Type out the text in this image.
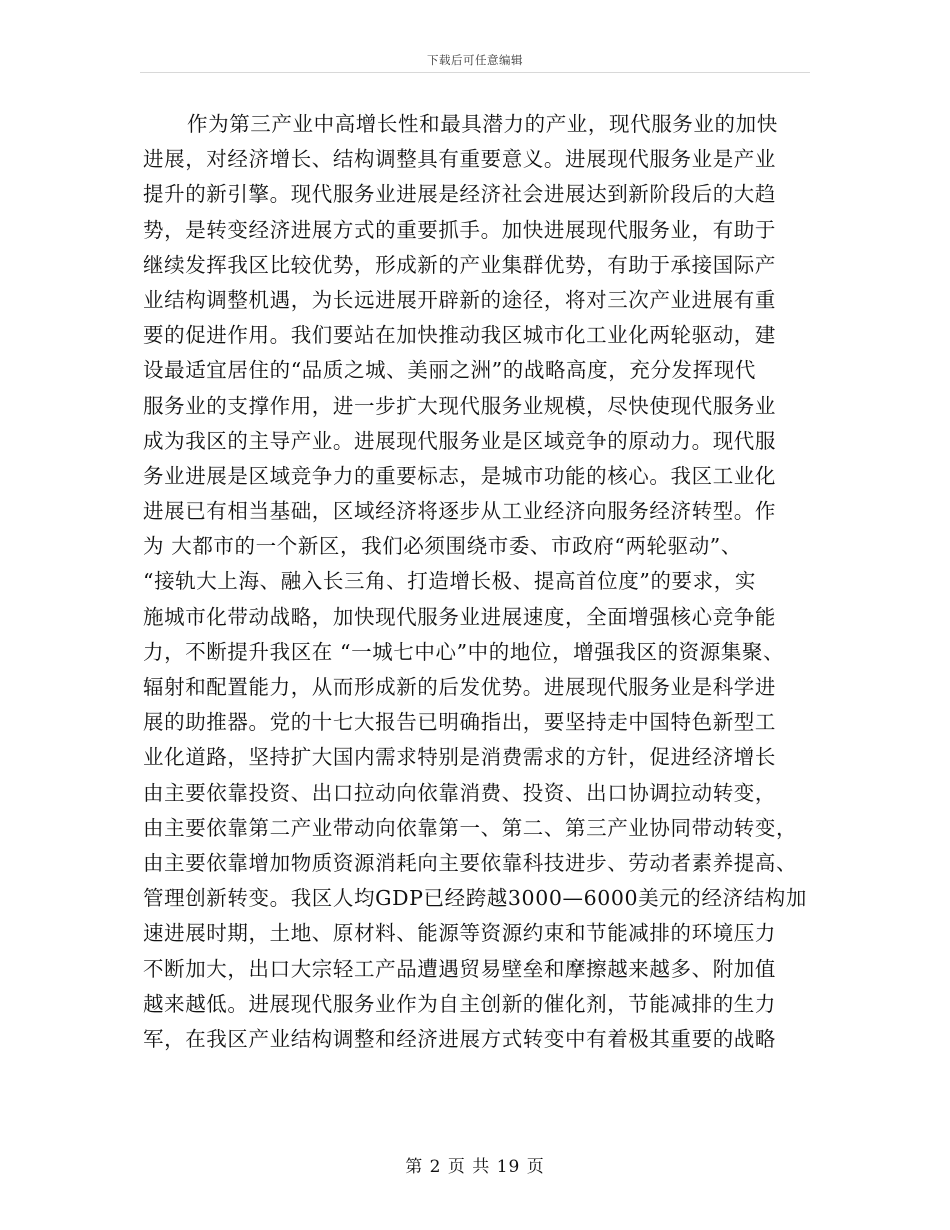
下载后可任意编辑
作为第三产业中高增长性和最具潜力的产业，现代服务业的加快
进展，对经济增长、结构调整具有重要意义。进展现代服务业是产业
提升的新引擎。现代服务业进展是经济社会进展达到新阶段后的大趋
势，是转变经济进展方式的重要抓手。加快进展现代服务业，有助于
继续发挥我区比较优势，形成新的产业集群优势，有助于承接国际产
业结构调整机遇，为长远进展开辟新的途径，将对三次产业进展有重
要的促进作用。我们要站在加快推动我区城市化工业化两轮驱动，建
设最适宜居住的“品质之城、美丽之洲”的战略高度，充分发挥现代
服务业的支撑作用，进一步扩大现代服务业规模，尽快使现代服务业
成为我区的主导产业。进展现代服务业是区域竞争的原动力。现代服
务业进展是区域竞争力的重要标志，是城市功能的核心。我区工业化
进展已有相当基础，区域经济将逐步从工业经济向服务经济转型。作
为 大都市的一个新区，我们必须围绕市委、市政府“两轮驱动”、
“接轨大上海、融入长三角、打造增长极、提高首位度”的要求，实
施城市化带动战略，加快现代服务业进展速度，全面增强核心竞争能
力，不断提升我区在 “一城七中心”中的地位，增强我区的资源集聚、
辐射和配置能力，从而形成新的后发优势。进展现代服务业是科学进
展的助推器。党的十七大报告已明确指出，要坚持走中国特色新型工
业化道路，坚持扩大国内需求特别是消费需求的方针，促进经济增长
由主要依靠投资、出口拉动向依靠消费、投资、出口协调拉动转变，
由主要依靠第二产业带动向依靠第一、第二、第三产业协同带动转变，
由主要依靠增加物质资源消耗向主要依靠科技进步、劳动者素养提高、
管理创新转变。我区人均GDP已经跨越3000—6000美元的经济结构加
速进展时期，土地、原材料、能源等资源约束和节能减排的环境压力
不断加大，出口大宗轻工产品遭遇贸易壁垒和摩擦越来越多、附加值
越来越低。进展现代服务业作为自主创新的催化剂，节能减排的生力
军，在我区产业结构调整和经济进展方式转变中有着极其重要的战略
第 2 页 共 19 页
